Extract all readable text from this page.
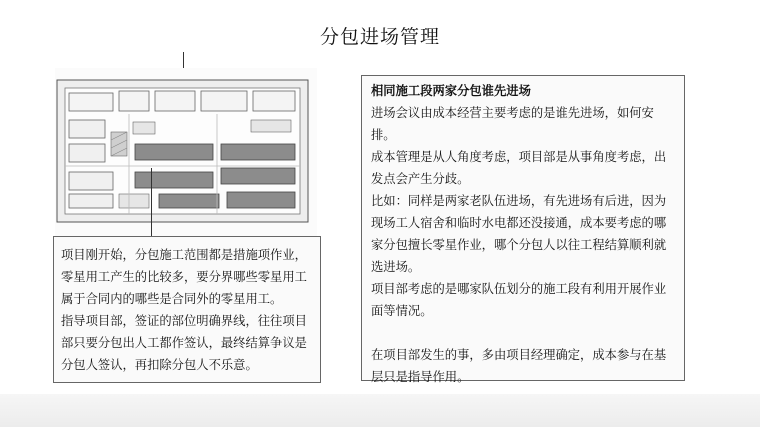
分包进场管理

项目刚开始，分包施工范围都是措施项作业，零星用工产生的比较多，要分界哪些零星用工属于合同内的哪些是合同外的零星用工。

指导项目部，签证的部位明确界线，往往项目部只要分包出人工都作签认，最终结算争议是分包人签认，再扣除分包人不乐意。

相同施工段两家分包谁先进场

进场会议由成本经营主要考虑的是谁先进场，如何安排。

成本管理是从人角度考虑，项目部是从事角度考虑，出发点会产生分歧。

比如：同样是两家老队伍进场，有先进场有后进，因为现场工人宿舍和临时水电都还没接通，成本要考虑的哪家分包擅长零星作业，哪个分包人以往工程结算顺利就选进场。

项目部考虑的是哪家队伍划分的施工段有利用开展作业面等情况。

在项目部发生的事，多由项目经理确定，成本参与在基层只是指导作用。
